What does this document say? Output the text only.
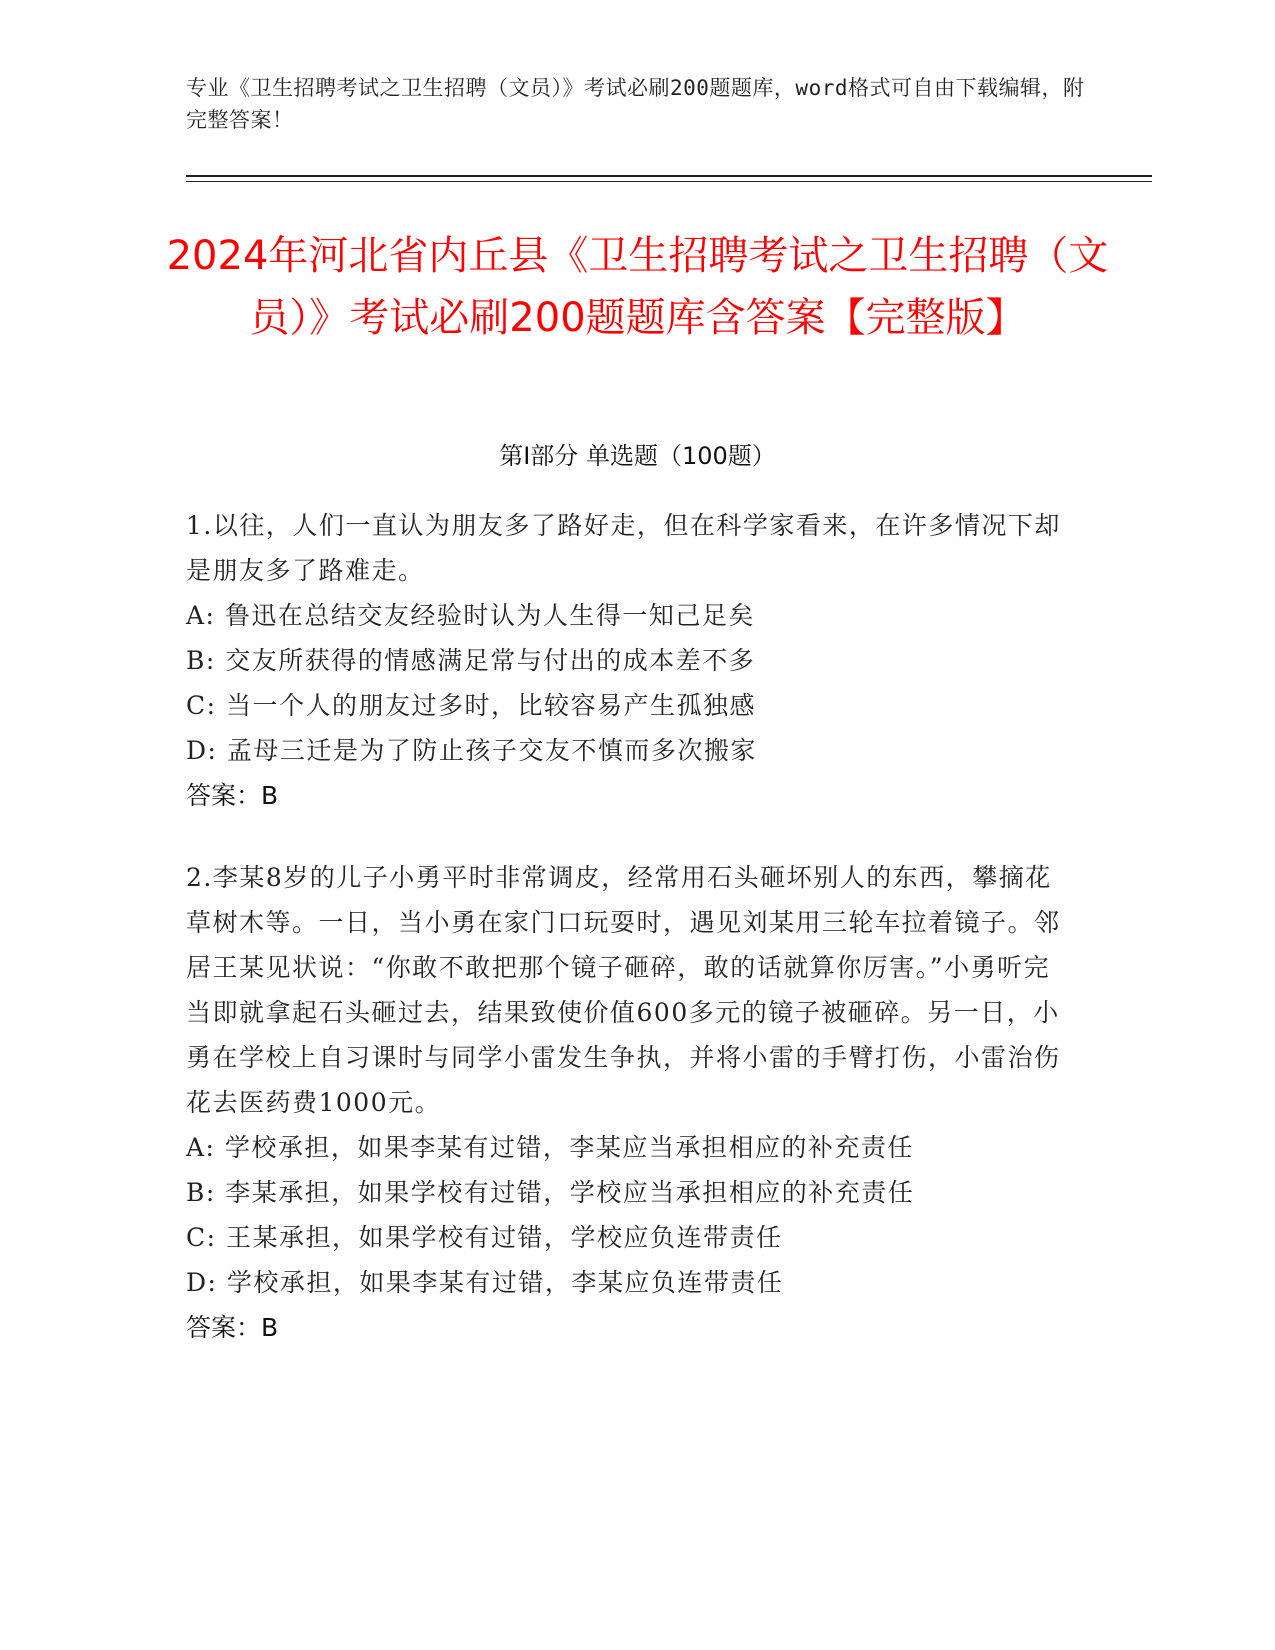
专业《卫生招聘考试之卫生招聘（文员）》考试必刷200题题库，word格式可自由下载编辑，附完整答案！
2024年河北省内丘县《卫生招聘考试之卫生招聘（文员）》考试必刷200题题库含答案【完整版】
第Ⅰ部分 单选题（100题）
1.以往，人们一直认为朋友多了路好走，但在科学家看来，在许多情况下却是朋友多了路难走。
A: 鲁迅在总结交友经验时认为人生得一知己足矣
B: 交友所获得的情感满足常与付出的成本差不多
C: 当一个人的朋友过多时，比较容易产生孤独感
D: 孟母三迁是为了防止孩子交友不慎而多次搬家
答案：B
2.李某8岁的儿子小勇平时非常调皮，经常用石头砸坏别人的东西，攀摘花草树木等。一日，当小勇在家门口玩耍时，遇见刘某用三轮车拉着镜子。邻居王某见状说：“你敢不敢把那个镜子砸碎，敢的话就算你厉害。”小勇听完当即就拿起石头砸过去，结果致使价值600多元的镜子被砸碎。另一日，小勇在学校上自习课时与同学小雷发生争执，并将小雷的手臂打伤，小雷治伤花去医药费1000元。
A: 学校承担，如果李某有过错，李某应当承担相应的补充责任
B: 李某承担，如果学校有过错，学校应当承担相应的补充责任
C: 王某承担，如果学校有过错，学校应负连带责任
D: 学校承担，如果李某有过错，李某应负连带责任
答案：B
